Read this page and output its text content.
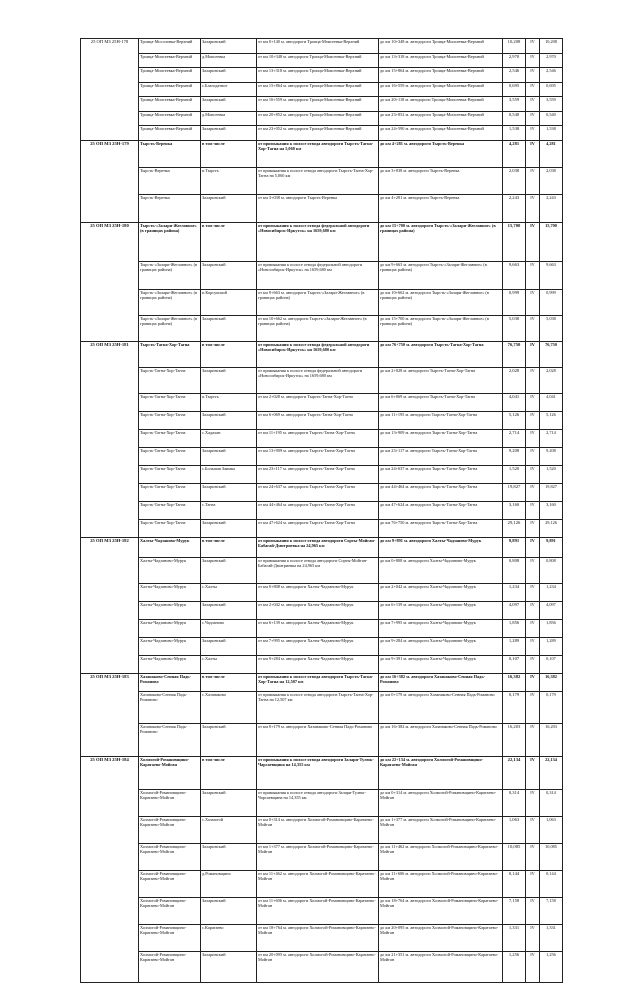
25 ОП МЗ 25Н-178	Троица-Мосоловка-Верхний	Заларинский	от км 0+140 м. автодороги Троица-Моисеевка-Верхний	до км 10+348 м. автодороги Троица-Моисеевка-Верхний	10,208	IV	10,208
	Троица-Моисеевка-Верхний	д.Моисеевка	от км 10+348 м. автодороги Троица-Моисеевка-Верхний	до км 13+318 м. автодороги Троица-Моисеевка-Верхний	2,970	IV	2,970
	Троица-Моисеевка-Верхний	Заларинский	от км 13+318 м. автодороги Троица-Моисеевка-Верхний	до км 15+864 м. автодороги Троица-Моисеевка-Верхний	2,546	IV	2,546
	Троица-Моисеевка-Верхний	с.Благодатное	от км 15+864 м. автодороги Троица-Моисеевка-Верхний	до км 16+559 м. автодороги Троица-Моисеевка-Верхний	0,695	IV	0,695
	Троица-Моисеевка-Верхний	Заларинский	от км 16+559 м. автодороги Троица-Моисеевка-Верхний	до км 20+118 м. автодороги Троица-Моисеевка-Верхний	3,559	IV	3,559
	Троица-Моисеевка-Верхний	д.Моисеевка	от км 20+852 м. автодороги Троица-Моисеевка-Верхний	до км 23+852 м. автодороги Троица-Моисеевка-Верхний	0,540	IV	0,540
	Троица-Моисеевка-Верхний	Заларинский	от км 23+052 м. автодороги Троица-Моисеевка-Верхний	до км 24+590 м. автодороги Троица-Моисеевка-Верхний	1,538	IV	1,538
25 ОП МЗ 25Н-179	Тырсть-Веренка	в том числе	от примыкания к полосе отвода автодороги Тырсть-Тагна-Хор-Тагна на 5,060 км	до км 4+281 м. автодороги Тырсть-Веренка	4,281	IV	4,281
	Тырсть-Веренка	п.Тырсть	от примыкания к полосе отвода автодороги Тырсть-Тагна-Хор-Тагна на 5,060 км	до км 3+038 м. автодороги Тырсть-Веренка	2,038	IV	2,038
	Тырсть-Веренка	Заларинский	от км 3+038 м. автодороги Тырсть-Веренка	до км 4+281 м. автодороги Тырсть-Веренка	2,243	IV	2,243
25 ОП МЗ 25Н-180	Тырсть-«Залари-Жеглавное» (в границах района)	в том числе	от примыкания к полосе отвода федеральной автодороги «Новосибирск-Иркутск» на 1659,680 км	до км 15+700 м. автодороги Тырсть-«Залари-Жеглавное» (в границах района)	15,700	IV	15,700
	Тырсть-«Залари-Жеглавное» (в границах района)	Заларинский	от примыкания к полосе отвода федеральной автодороги «Новосибирск-Иркутск» на 1659,680 км	до км 9+663 м. автодороги Тырсть-«Залари-Жеглавное» (в границах района)	9,663	IV	9,663
	Тырсть-«Залари-Жеглавное» (в границах района)	п.Корсукский	от км 9+663 м. автодороги Тырсть-«Залари-Жеглавное» (в границах района)	до км 10+662 м. автодороги Тырсть-«Залари-Жеглавное» (в границах района)	0,999	IV	0,999
	Тырсть-«Залари-Жеглавное» (в границах района)	Заларинский	от км 10+662 м. автодороги Тырсть-«Залари-Жеглавное» (в границах района)	до км 15+700 м. автодороги Тырсть-«Залари-Жеглавное» (в границах района)	5,038	IV	5,038
25 ОП МЗ 25Н-181	Тырсть-Тагна-Хор-Тагна	в том числе	от примыкания к полосе отвода федеральной автодороги «Новосибирск-Иркутск» на 1659,680 км	до км 76+750 м. автодороги Тырсть-Тагна-Хор-Тагна	76,750	IV	76,750
	Тырсть-Тагна-Хор-Тагна	Заларинский	от примыкания к полосе отвода федеральной автодороги «Новосибирск-Иркутск» на 1659,680 км	до км 2+028 м. автодороги Тырсть-Тагна-Хор-Тагна	2,028	IV	2,028
	Тырсть-Тагна-Хор-Тагна	п.Тырсть	от км 2+028 м. автодороги Тырсть-Тагна-Хор-Тагна	до км 6+069 м. автодороги Тырсть-Тагна-Хор-Тагна	4,041	IV	4,041
	Тырсть-Тагна-Хор-Тагна	Заларинский	от км 6+069 м. автодороги Тырсть-Тагна-Хор-Тагна	до км 11+195 м. автодороги Тырсть-Тагна-Хор-Тагна	5,126	IV	5,126
	Тырсть-Тагна-Хор-Тагна	с.Хадахан	от км 11+195 м. автодороги Тырсть-Тагна-Хор-Тагна	до км 13+909 м. автодороги Тырсть-Тагна-Хор-Тагна	2,714	IV	2,714
	Тырсть-Тагна-Хор-Тагна	Заларинский	от км 13+909 м. автодороги Тырсть-Тагна-Хор-Тагна	до км 23+117 м. автодороги Тырсть-Тагна-Хор-Тагна	9,208	IV	9,208
	Тырсть-Тагна-Хор-Тагна	с.Большая Заимка	от км 23+117 м. автодороги Тырсть-Тагна-Хор-Тагна	до км 24+637 м. автодороги Тырсть-Тагна-Хор-Тагна	1,520	IV	1,520
	Тырсть-Тагна-Хор-Тагна	Заларинский	от км 24+637 м. автодороги Тырсть-Тагна-Хор-Тагна	до км 44+464 м. автодороги Тырсть-Тагна-Хор-Тагна	19,827	IV	19,827
	Тырсть-Тагна-Хор-Тагна	с.Тагна	от км 44+464 м. автодороги Тырсть-Тагна-Хор-Тагна	до км 47+624 м. автодороги Тырсть-Тагна-Хор-Тагна	3,160	IV	3,160
	Тырсть-Тагна-Хор-Тагна	Заларинский	от км 47+624 м. автодороги Тырсть-Тагна-Хор-Тагна	до км 76+750 м. автодороги Тырсть-Тагна-Хор-Тагна	29,126	IV	29,126
25 ОП МЗ 25Н-182	Халты-Чадзаново-Мурук	в том числе	от примыкания к полосе отвода автодороги Сорты-Мойган-Бабагай-Дмитриевка на 24,965 км	до км 9+891 м. автодороги Халты-Чадзаново-Мурук	9,891	IV	9,891
	Халты-Чадзаново-Мурук	Заларинский	от примыкания к полосе отвода автодороги Сорты-Мойган-Бабагай-Дмитриевка на 24,965 км	до км 0+808 м. автодороги Халты-Чадзаново-Мурук	0,808	IV	0,808
	Халты-Чадзаново-Мурук	с.Халты	от км 0+808 м. автодороги Халты-Чадзаново-Мурук	до км 2+042 м. автодороги Халты-Чадзаново-Мурук	1,234	IV	1,234
	Халты-Чадзаново-Мурук	Заларинский	от км 2+042 м. автодороги Халты-Чадзаново-Мурук	до км 6+139 м. автодороги Халты-Чадзаново-Мурук	4,097	IV	4,097
	Халты-Чадзаново-Мурук	с.Чадзаново	от км 6+139 м. автодороги Халты-Чадзаново-Мурук	до км 7+995 м. автодороги Халты-Чадзаново-Мурук	1,856	IV	1,856
	Халты-Чадзаново-Мурук	Заларинский	от км 7+995 м. автодороги Халты-Чадзаново-Мурук	до км 9+284 м. автодороги Халты-Чадзаново-Мурук	1,289	IV	1,289
	Халты-Чадзаново-Мурук	с.Халты	от км 9+284 м. автодороги Халты-Чадзаново-Мурук	до км 9+391 м. автодороги Халты-Чадзаново-Мурук	0,107	IV	0,107
25 ОП МЗ 25Н-183	Хазанаково-Сенная Падь-Романово	в том числе	от примыкания к полосе отвода автодороги Тырсть-Тагна-Хор-Тагна на 12,507 км	до км 16+382 м. автодороги Хазанаково-Сенная Падь-Романово	16,382	IV	16,382
	Хазанаково-Сенная Падь-Романово	с.Хазанаково	от примыкания к полосе отвода автодороги Тырсть-Тагна-Хор-Тагна на 12,507 км	до км 0+179 м. автодороги Хазанаково-Сенная Падь-Романово	0,179	IV	0,179
	Хазанаково-Сенная Падь-Романово	Заларинский	от км 0+179 м. автодороги Хазанаково-Сенная Падь-Романово	до км 16+382 м. автодороги Хазанаково-Сенная Падь-Романово	16,203	IV	16,203
25 ОП МЗ 25Н-184	Холмогой-Романовщино-Каратаево-Мойган	в том числе	от примыкания к полосе отвода автодороги Залари-Тулюк-Чарсаевщина на 14,355 км	до км 22+134 м. автодороги Холмогой-Романовщино-Каратаево-Мойган	22,134	IV	22,134
	Холмогой-Романовщино-Каратаево-Мойган	Заларинский	от примыкания к полосе отвода автодороги Залари-Тулюк-Чарсаевщина на 14,355 км	до км 0+314 м. автодороги Холмогой-Романовщино-Каратаево-Мойган	0,314	IV	0,314
	Холмогой-Романовщино-Каратаево-Мойган	с.Холмогой	от км 0+314 м. автодороги Холмогой-Романовщино-Каратаево-Мойган	до км 1+377 м. автодороги Холмогой-Романовщино-Каратаево-Мойган	1,063	IV	1,063
	Холмогой-Романовщино-Каратаево-Мойган	Заларинский	от км 1+377 м. автодороги Холмогой-Романовщино-Каратаево-Мойган	до км 11+462 м. автодороги Холмогой-Романовщино-Каратаево-Мойган	10,085	IV	10,085
	Холмогой-Романовщино-Каратаево-Мойган	д.Романовщино	от км 11+462 м. автодороги Холмогой-Романовщино-Каратаево-Мойган	до км 11+606 м. автодороги Холмогой-Романовщино-Каратаево-Мойган	0,144	IV	0,144
	Холмогой-Романовщино-Каратаево-Мойган	Заларинский	от км 11+606 м. автодороги Холмогой-Романовщино-Каратаево-Мойган	до км 18+764 м. автодороги Холмогой-Романовщино-Каратаево-Мойган	7,158	IV	7,158
	Холмогой-Романовщино-Каратаево-Мойган	с.Каратаево	от км 18+764 м. автодороги Холмогой-Романовщино-Каратаево-Мойган	до км 20+095 м. автодороги Холмогой-Романовщино-Каратаево-Мойган	1,331	IV	1,331
	Холмогой-Романовщино-Каратаево-Мойган	Заларинский	от км 20+095 м. автодороги Холмогой-Романовщино-Каратаево-Мойган	до км 21+351 м. автодороги Холмогой-Романовщино-Каратаево-Мойган	1,256	IV	1,256
